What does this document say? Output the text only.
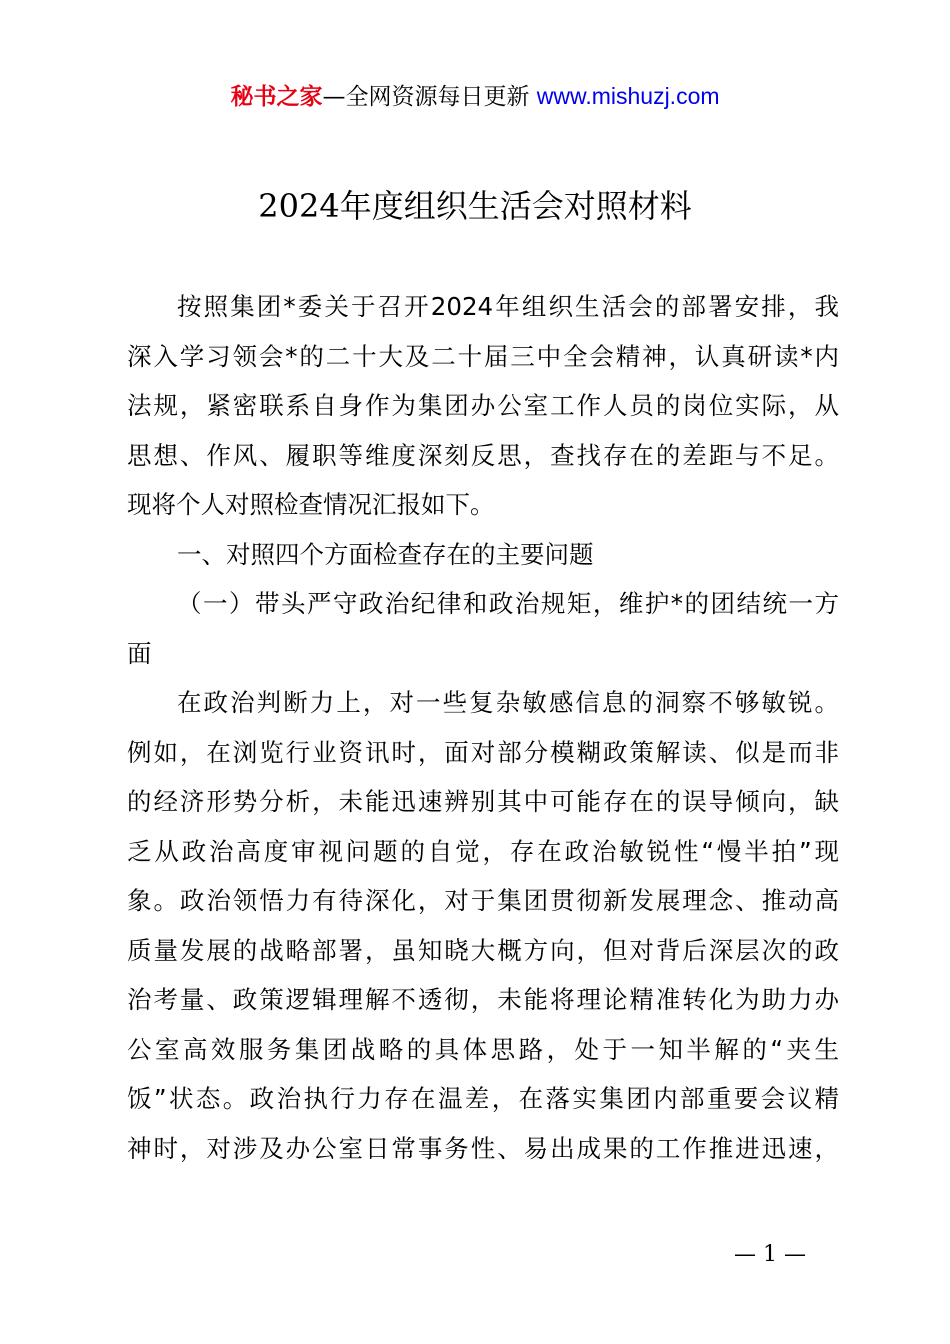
秘书之家—全网资源每日更新 www.mishuzj.com
2024年度组织生活会对照材料
按照集团*委关于召开2024年组织生活会的部署安排，我
深入学习领会*的二十大及二十届三中全会精神，认真研读*内
法规，紧密联系自身作为集团办公室工作人员的岗位实际，从
思想、作风、履职等维度深刻反思，查找存在的差距与不足。
现将个人对照检查情况汇报如下。
一、对照四个方面检查存在的主要问题
（一）带头严守政治纪律和政治规矩，维护*的团结统一方
面
在政治判断力上，对一些复杂敏感信息的洞察不够敏锐。
例如，在浏览行业资讯时，面对部分模糊政策解读、似是而非
的经济形势分析，未能迅速辨别其中可能存在的误导倾向，缺
乏从政治高度审视问题的自觉，存在政治敏锐性“慢半拍”现
象。政治领悟力有待深化，对于集团贯彻新发展理念、推动高
质量发展的战略部署，虽知晓大概方向，但对背后深层次的政
治考量、政策逻辑理解不透彻，未能将理论精准转化为助力办
公室高效服务集团战略的具体思路，处于一知半解的“夹生
饭”状态。政治执行力存在温差，在落实集团内部重要会议精
神时，对涉及办公室日常事务性、易出成果的工作推进迅速，
— 1 —
